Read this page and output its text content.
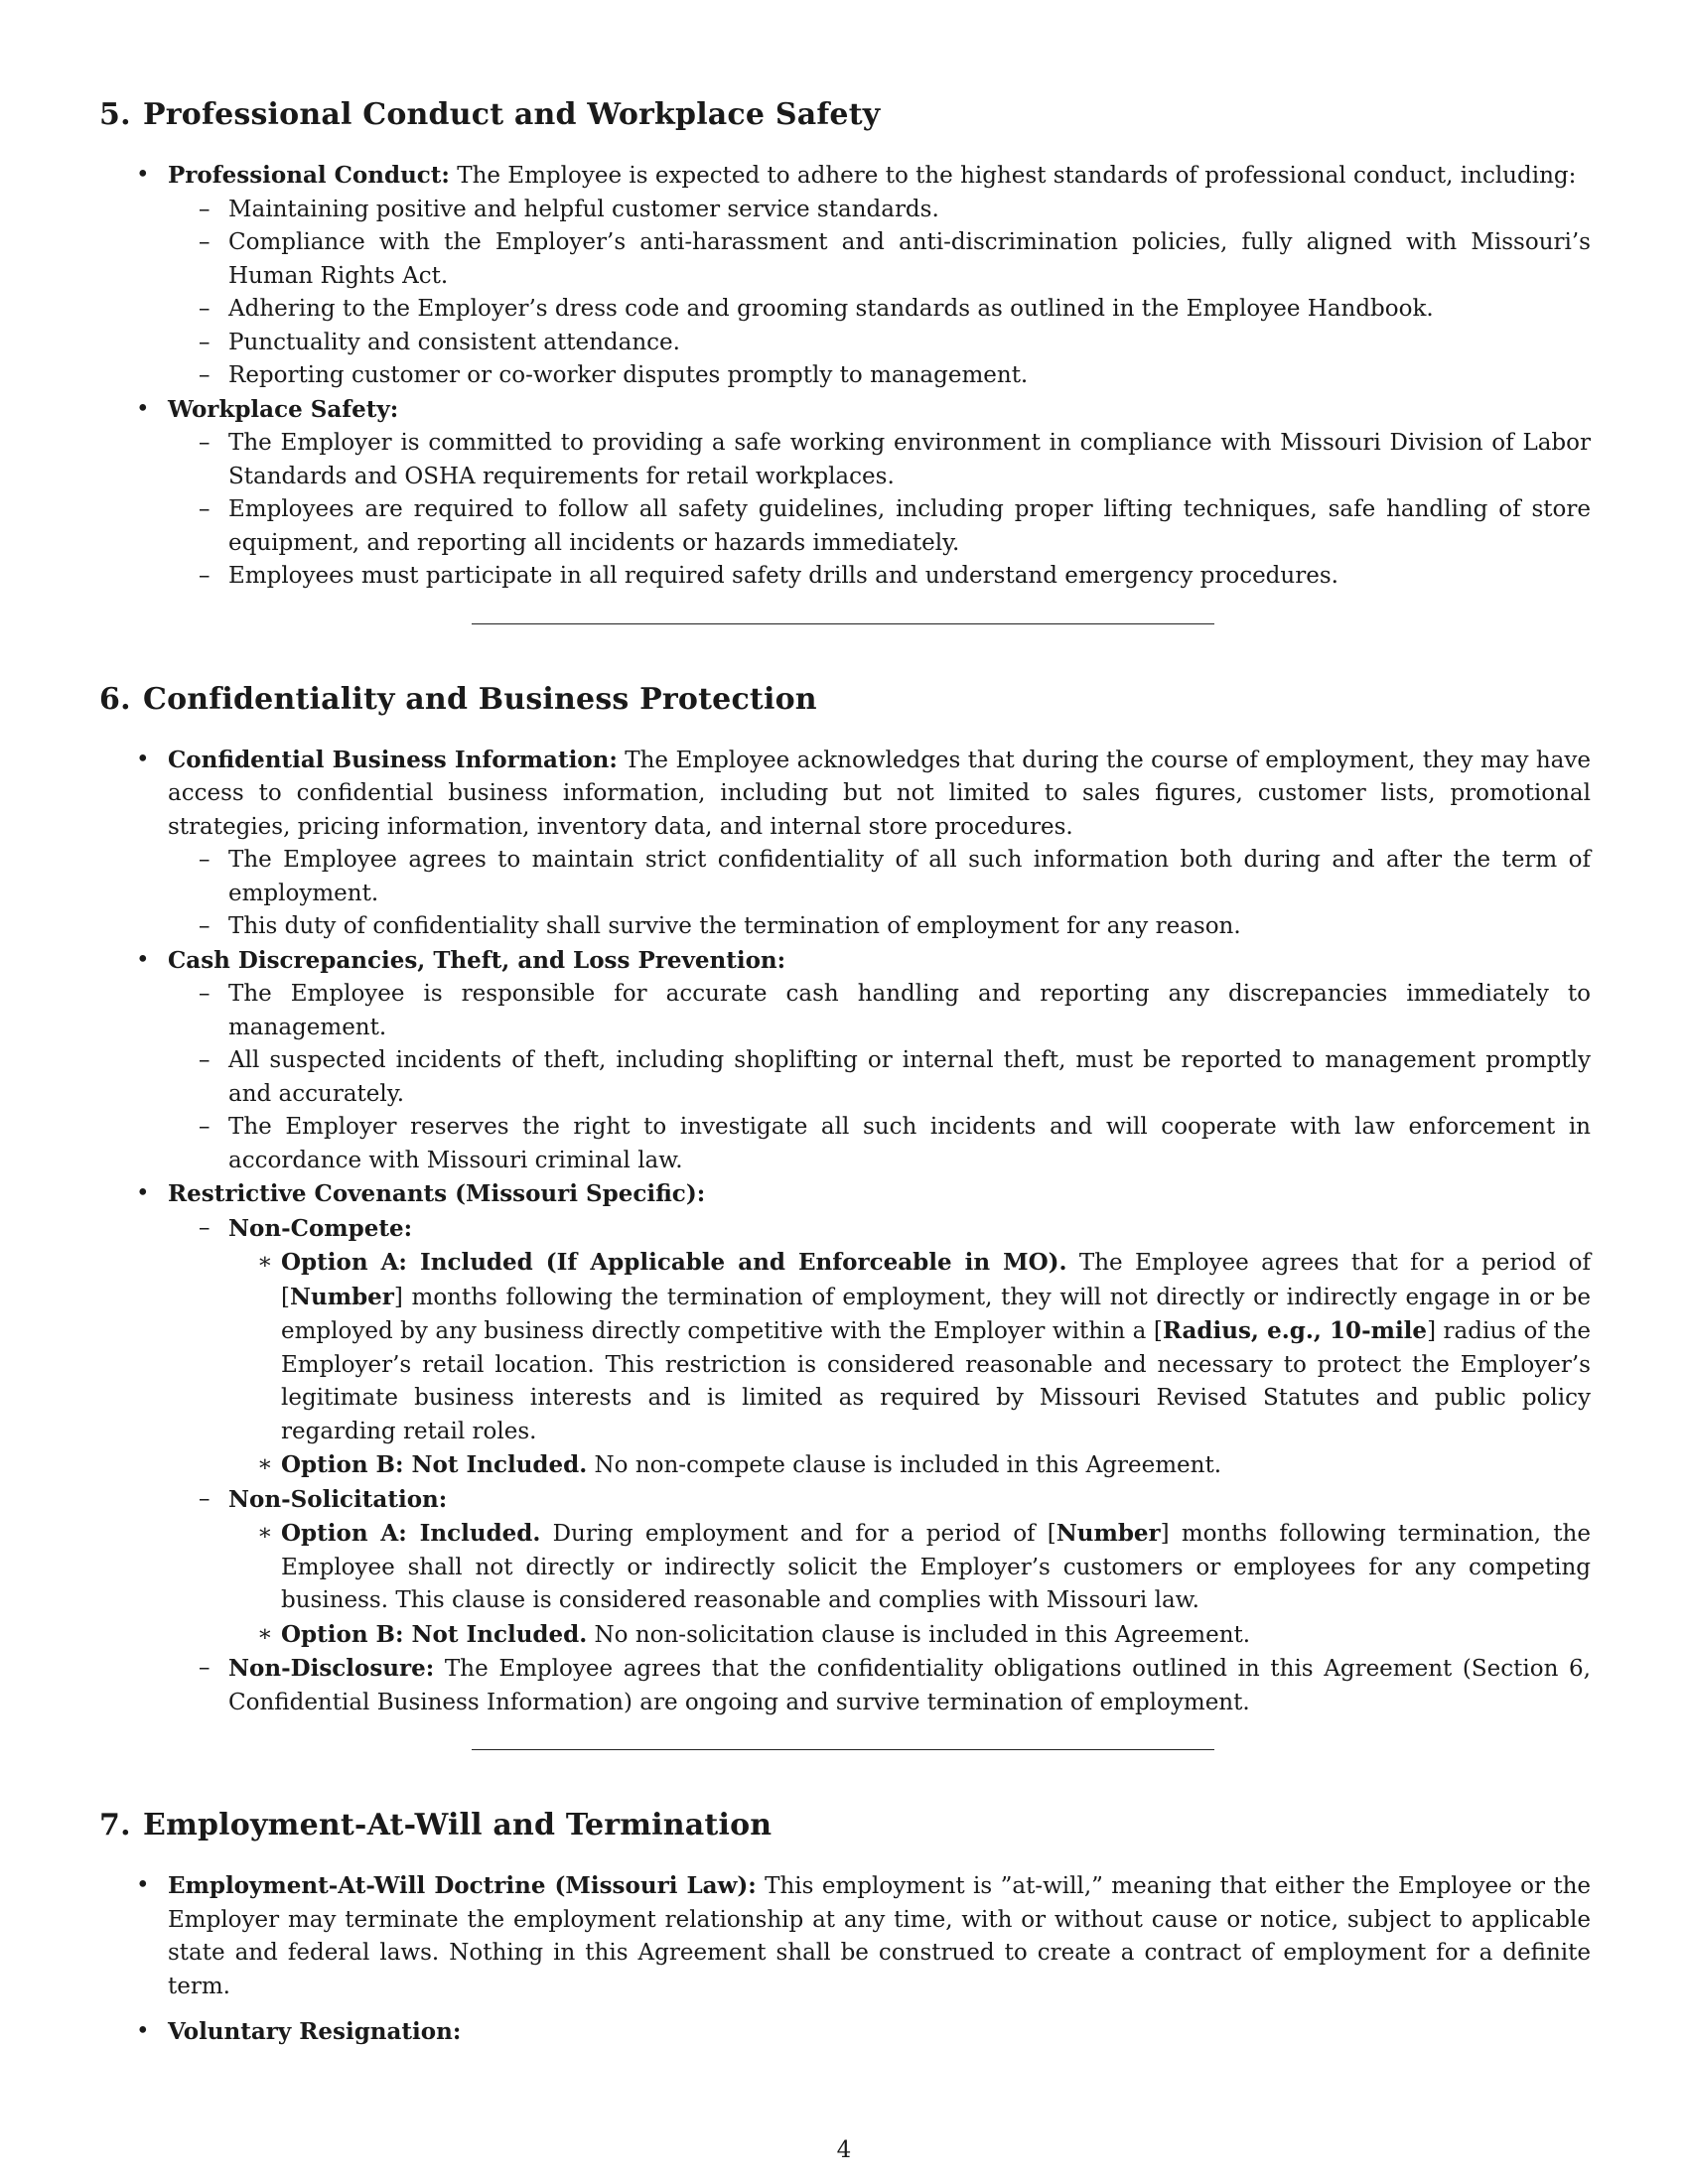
5. Professional Conduct and Workplace Safety
• Professional Conduct: The Employee is expected to adhere to the highest standards of professional conduct, including:
– Maintaining positive and helpful customer service standards.
– Compliance with the Employer’s anti-harassment and anti-discrimination policies, fully aligned with Missouri’s Human Rights Act.
– Adhering to the Employer’s dress code and grooming standards as outlined in the Employee Handbook.
– Punctuality and consistent attendance.
– Reporting customer or co-worker disputes promptly to management.
• Workplace Safety:
– The Employer is committed to providing a safe working environment in compliance with Missouri Division of Labor Standards and OSHA requirements for retail workplaces.
– Employees are required to follow all safety guidelines, including proper lifting techniques, safe handling of store equipment, and reporting all incidents or hazards immediately.
– Employees must participate in all required safety drills and understand emergency procedures.
6. Confidentiality and Business Protection
• Confidential Business Information: The Employee acknowledges that during the course of employment, they may have access to confidential business information, including but not limited to sales figures, customer lists, promotional strategies, pricing information, inventory data, and internal store procedures.
– The Employee agrees to maintain strict confidentiality of all such information both during and after the term of employment.
– This duty of confidentiality shall survive the termination of employment for any reason.
• Cash Discrepancies, Theft, and Loss Prevention:
– The Employee is responsible for accurate cash handling and reporting any discrepancies immediately to management.
– All suspected incidents of theft, including shoplifting or internal theft, must be reported to management promptly and accurately.
– The Employer reserves the right to investigate all such incidents and will cooperate with law enforcement in accordance with Missouri criminal law.
• Restrictive Covenants (Missouri Specific):
– Non-Compete:
∗ Option A: Included (If Applicable and Enforceable in MO). The Employee agrees that for a period of [Number] months following the termination of employment, they will not directly or indirectly engage in or be employed by any business directly competitive with the Employer within a [Radius, e.g., 10-mile] radius of the Employer’s retail location. This restriction is considered reasonable and necessary to protect the Employer’s legitimate business interests and is limited as required by Missouri Revised Statutes and public policy regarding retail roles.
∗ Option B: Not Included. No non-compete clause is included in this Agreement.
– Non-Solicitation:
∗ Option A: Included. During employment and for a period of [Number] months following termination, the Employee shall not directly or indirectly solicit the Employer’s customers or employees for any competing business. This clause is considered reasonable and complies with Missouri law.
∗ Option B: Not Included. No non-solicitation clause is included in this Agreement.
– Non-Disclosure: The Employee agrees that the confidentiality obligations outlined in this Agreement (Section 6, Confidential Business Information) are ongoing and survive termination of employment.
7. Employment-At-Will and Termination
• Employment-At-Will Doctrine (Missouri Law): This employment is ”at-will,” meaning that either the Employee or the Employer may terminate the employment relationship at any time, with or without cause or notice, subject to applicable state and federal laws. Nothing in this Agreement shall be construed to create a contract of employment for a definite term.
• Voluntary Resignation:
4
